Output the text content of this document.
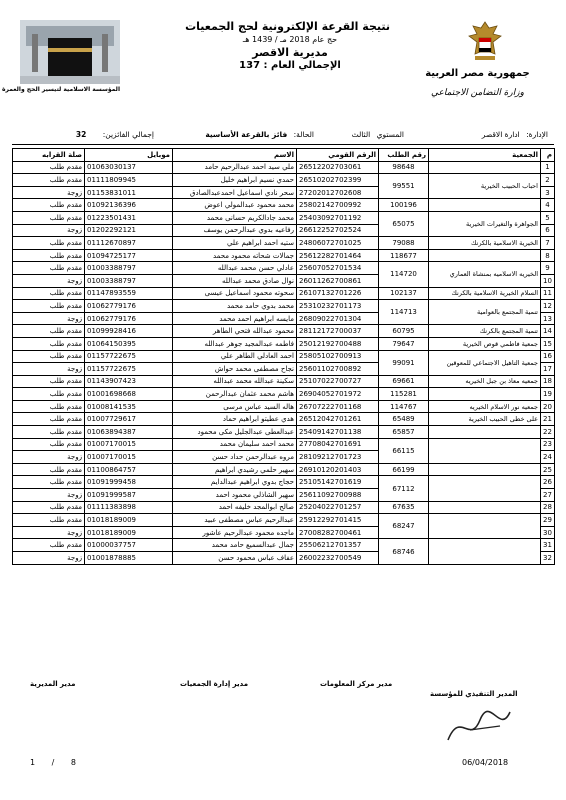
المؤسسة الاسلامية لتيسير الحج والعمرة
جمهورية مصر العربية
وزارة التضامن الاجتماعي
نتيجة القرعة الإلكترونية لحج الجمعيات
حج عام 2018 مـ / 1439 هـ
مديرية الاقصر
الإجمالي العام : 137
الإدارة: ادارة الاقصر
المستوي الثالث
الحالة: فائز بالقرعة الأساسية
إجمالي الفائزين: 32
م	الجمعية	رقم الطلب	الرقم القومي	الاسم	موبايل	صلة القرابه
1		98648	26512202703061	ملي سيد احمد عبدالرحيم حامد	01063030137	مقدم طلب
2	احباب الحبيب الخيرية	99551	26510202702399	حمدي نسيم ابراهيم خليل	01111809945	مقدم طلب
3			27202012702608	سحر نادي اسماعيل احمدعبدالصادق	01153831011	زوجة
4		100196	25802142700992	محمد محمود عبدالمولي اعوض	01092136396	مقدم طلب
5	الجواهرة والتغيرات الخيرية	65075	25403092701192	محمد جادالكريم حسانى محمد	01223501431	مقدم طلب
6			26612252702524	رفاعيه بدوي عبدالرحمن يوسف	01202292121	زوجة
7	الخيرية الاسلامية بالكرنك	79088	24806072701025	ستيه احمد ابراهيم علي	01112670897	مقدم طلب
8		118677	25612282701464	جمالات شحاته محمود محمد	01094725177	مقدم طلب
9	الخيريه الاسلاميه بمنشاة العماري	114720	25607052701534	عادلي حسن محمد عبدالله	01003388797	مقدم طلب
10			26011262700861	نوال صادق محمد عبدالله	01003388797	زوجة
11	السلام الخيرية الاسلامية بالكرنك	102137	26107132701226	سحوته محمود اسماعيل عيسى	01147893559	مقدم طلب
12	تنمية المجتمع بالعوامية	114713	25310232701173	محمد بدوي حامد محمد	01062779176	مقدم طلب
13			26809022701304	مايسه ابراهيم احمد محمد	01062779176	زوجة
14	تنمية المجتمع بالكرنك	60795	28112172700037	محمود عبدالله فتحي الطاهر	01099928416	مقدم طلب
15	جمعية فاطمي قوص الخيرية	79647	25012192700488	فاطمه عبدالمجيد جوهر عبدالله	01064150395	مقدم طلب
16	جمعية التاهيل الاجتماعي للمعوقين	99091	25805102700913	احمد العادلي الطاهر علي	01157722675	مقدم طلب
17			25601102700892	نجاح مصطفى محمد حواش	01157722675	زوجة
18	جمعيه معاذ بن جبل الخيريه	69661	25107022700727	سكينة عبدالله محمد عبدالله	01143907423	مقدم طلب
19		115281	26904052701972	هاشم محمد عثمان عبدالرحمن	01001698668	مقدم طلب
20	جمعيه نور الاسلام الخيريه	114767	26707222701168	هاله السيد عباس مرسى	01008141535	مقدم طلب
21	على خطى الحبيب الخيرية	65489	26512042701261	هدي عطيتو ابراهيم حماد	01007729617	مقدم طلب
22		65857	25409142701138	عبدالعطى عبدالجليل مكى محمود	01063894387	مقدم طلب
23		66115	27708042701691	محمد احمد سليمان محمد	01007170015	مقدم طلب
24			28109212701723	مروه عبدالرحمن حداد حسن	01007170015	زوجة
25		66199	26910120201403	سهير حلمي رشيدي ابراهيم	01100864757	مقدم طلب
26		67112	25105142701619	حجاج بدوي ابراهيم عبدالدايم	01091999458	مقدم طلب
27			25611092700988	سهير الشاذلي محمود احمد	01091999587	زوجة
28		67635	25204022701257	صالح ابوالمجد خليفه احمد	01111383898	مقدم طلب
29		68247	25912292701415	عبدالرحيم عباس مصطفى عبيد	01018189009	مقدم طلب
30			27008282700461	ماجده محمود عبدالرحيم عاشور	01018189009	زوجة
31		68746	25506212701357	جمال عبدالسميع حامد محمد	01000037757	مقدم طلب
32			26002232700549	عفاف عباس محمود حسن	01001878885	زوجة
مدير المديرية	مدير إدارة الجمعيات	مدير مركز المعلومات
المدير التنفيذي للمؤسسة
1 / 8	06/04/2018
